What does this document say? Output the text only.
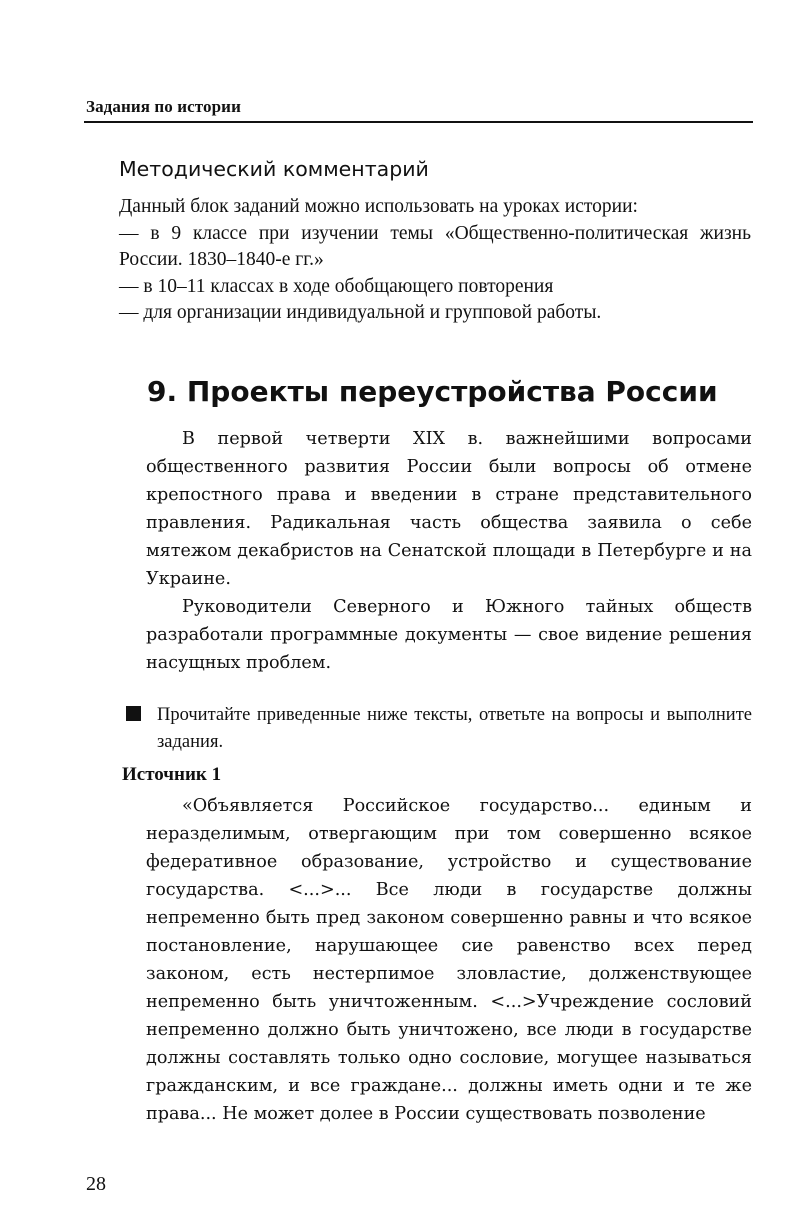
Задания по истории
Методический комментарий

Данный блок заданий можно использовать на уроках истории:

— в 9 классе при изучении темы «Общественно-политическая жизнь России. 1830–1840-е гг.»

— в 10–11 классах в ходе обобщающего повторения

— для организации индивидуальной и групповой работы.

9. Проекты переустройства России

В первой четверти XIX в. важнейшими вопросами общественного развития России были вопросы об отмене крепостного права и введении в стране представительного правления. Радикальная часть общества заявила о себе мятежом декабристов на Сенатской площади в Петербурге и на Украине.

Руководители Северного и Южного тайных обществ разработали программные документы — свое видение решения насущных проблем.

Прочитайте приведенные ниже тексты, ответьте на вопросы и выполните задания.
Источник 1

«Объявляется Российское государство... единым и неразделимым, отвергающим при том совершенно всякое федеративное образование, устройство и существование государства. <...>... Все люди в государстве должны непременно быть пред законом совершенно равны и что всякое постановление, нарушающее сие равенство всех перед законом, есть нестерпимое зловластие, долженствующее непременно быть уничтоженным. <...>Учреждение сословий непременно должно быть уничтожено, все люди в государстве должны составлять только одно сословие, могущее называться гражданским, и все граждане... должны иметь одни и те же права... Не может долее в России существовать позволение

28
